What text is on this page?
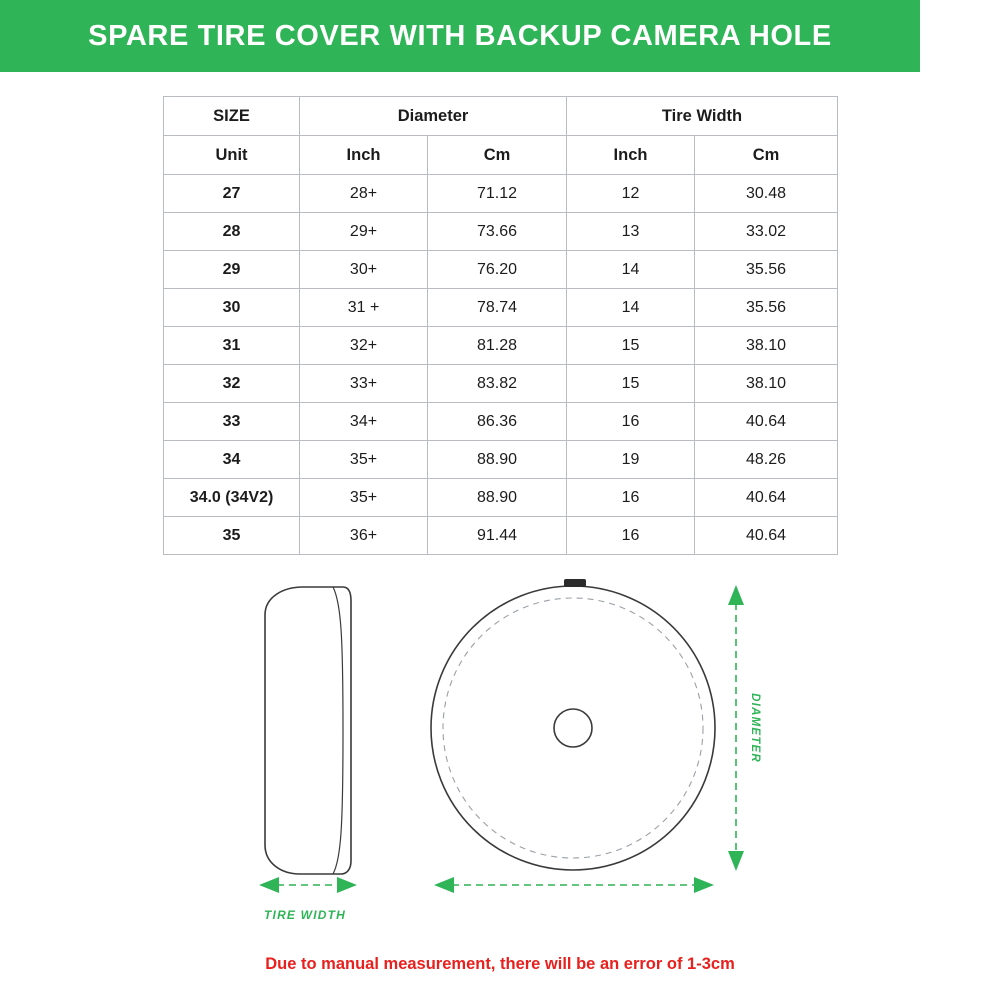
SPARE TIRE COVER WITH BACKUP CAMERA HOLE
SIZE	Diameter		Tire Width	
Unit	Inch	Cm	Inch	Cm
27	28+	71.12	12	30.48
28	29+	73.66	13	33.02
29	30+	76.20	14	35.56
30	31 +	78.74	14	35.56
31	32+	81.28	15	38.10
32	33+	83.82	15	38.10
33	34+	86.36	16	40.64
34	35+	88.90	19	48.26
34.0 (34V2)	35+	88.90	16	40.64
35	36+	91.44	16	40.64
DIAMETER
TIRE WIDTH
Due to manual measurement, there will be an error of 1-3cm
